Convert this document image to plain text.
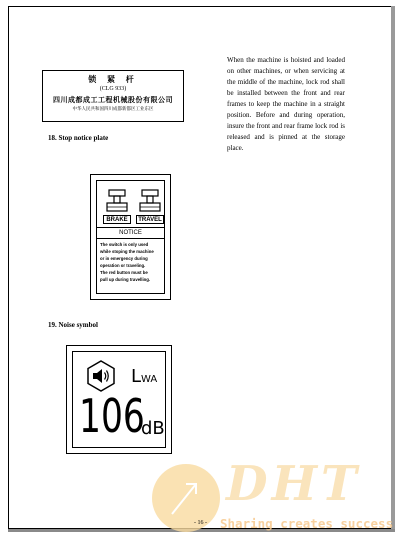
锁 紧 杆
(CLG 933)
四川成都成工工程机械股份有限公司
中华人民共和国四川成都新都区工业东区
18. Stop notice plate
When the machine is hoisted and loaded on other machines, or when servicing at the middle of the machine, lock rod shall be installed between the front and rear frames to keep the machine in a straight position. Before and during operation, insure the front and rear frame lock rod is released and is pinned at the storage place.
BRAKE	TRAVEL
NOTICE
The switch is only used
while stoping the machine
or in emergency during
operation or traveling.
The red button must be
pull up during travelling.
19. Noise symbol
LWA
106
dB
DHT
- 16 - Sharing creates success
